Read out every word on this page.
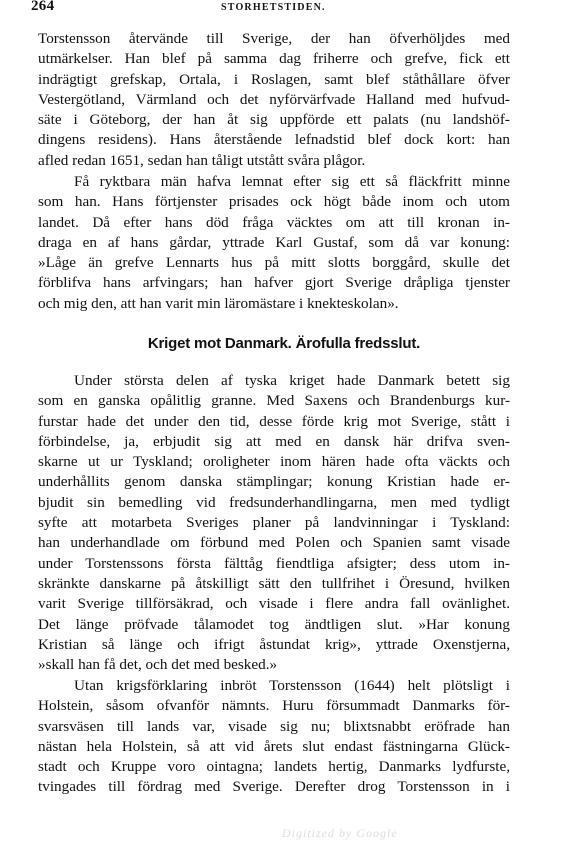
264	STORHETSTIDEN.
Torstensson återvände till Sverige, der han öfverhöljdes med
utmärkelser. Han blef på samma dag friherre och grefve, fick ett
indrägtigt grefskap, Ortala, i Roslagen, samt blef ståthållare öfver
Vestergötland, Värmland och det nyförvärfvade Halland med hufvud-
säte i Göteborg, der han åt sig uppförde ett palats (nu landshöf-
dingens residens). Hans återstående lefnadstid blef dock kort: han
afled redan 1651, sedan han tåligt utstått svåra plågor.
Få ryktbara män hafva lemnat efter sig ett så fläckfritt minne
som han. Hans förtjenster prisades ock högt både inom och utom
landet. Då efter hans död fråga väcktes om att till kronan in-
draga en af hans gårdar, yttrade Karl Gustaf, som då var konung:
»Låge än grefve Lennarts hus på mitt slotts borggård, skulle det
förblifva hans arfvingars; han hafver gjort Sverige dråpliga tjenster
och mig den, att han varit min läromästare i knekteskolan».
Kriget mot Danmark. Ärofulla fredsslut.
Under största delen af tyska kriget hade Danmark betett sig
som en ganska opålitlig granne. Med Saxens och Brandenburgs kur-
furstar hade det under den tid, desse förde krig mot Sverige, stått i
förbindelse, ja, erbjudit sig att med en dansk här drifva sven-
skarne ut ur Tyskland; oroligheter inom hären hade ofta väckts och
underhållits genom danska stämplingar; konung Kristian hade er-
bjudit sin bemedling vid fredsunderhandlingarna, men med tydligt
syfte att motarbeta Sveriges planer på landvinningar i Tyskland:
han underhandlade om förbund med Polen och Spanien samt visade
under Torstenssons första fälttåg fiendtliga afsigter; dess utom in-
skränkte danskarne på åtskilligt sätt den tullfrihet i Öresund, hvilken
varit Sverige tillförsäkrad, och visade i flere andra fall ovänlighet.
Det länge pröfvade tålamodet tog ändtligen slut. »Har konung
Kristian så länge och ifrigt åstundat krig», yttrade Oxenstjerna,
»skall han få det, och det med besked.»
Utan krigsförklaring inbröt Torstensson (1644) helt plötsligt i
Holstein, såsom ofvanför nämnts. Huru försummadt Danmarks för-
svarsväsen till lands var, visade sig nu; blixtsnabbt eröfrade han
nästan hela Holstein, så att vid årets slut endast fästningarna Glück-
stadt och Kruppe voro ointagna; landets hertig, Danmarks lydfurste,
tvingades till fördrag med Sverige. Derefter drog Torstensson in i
Digitized by Google
